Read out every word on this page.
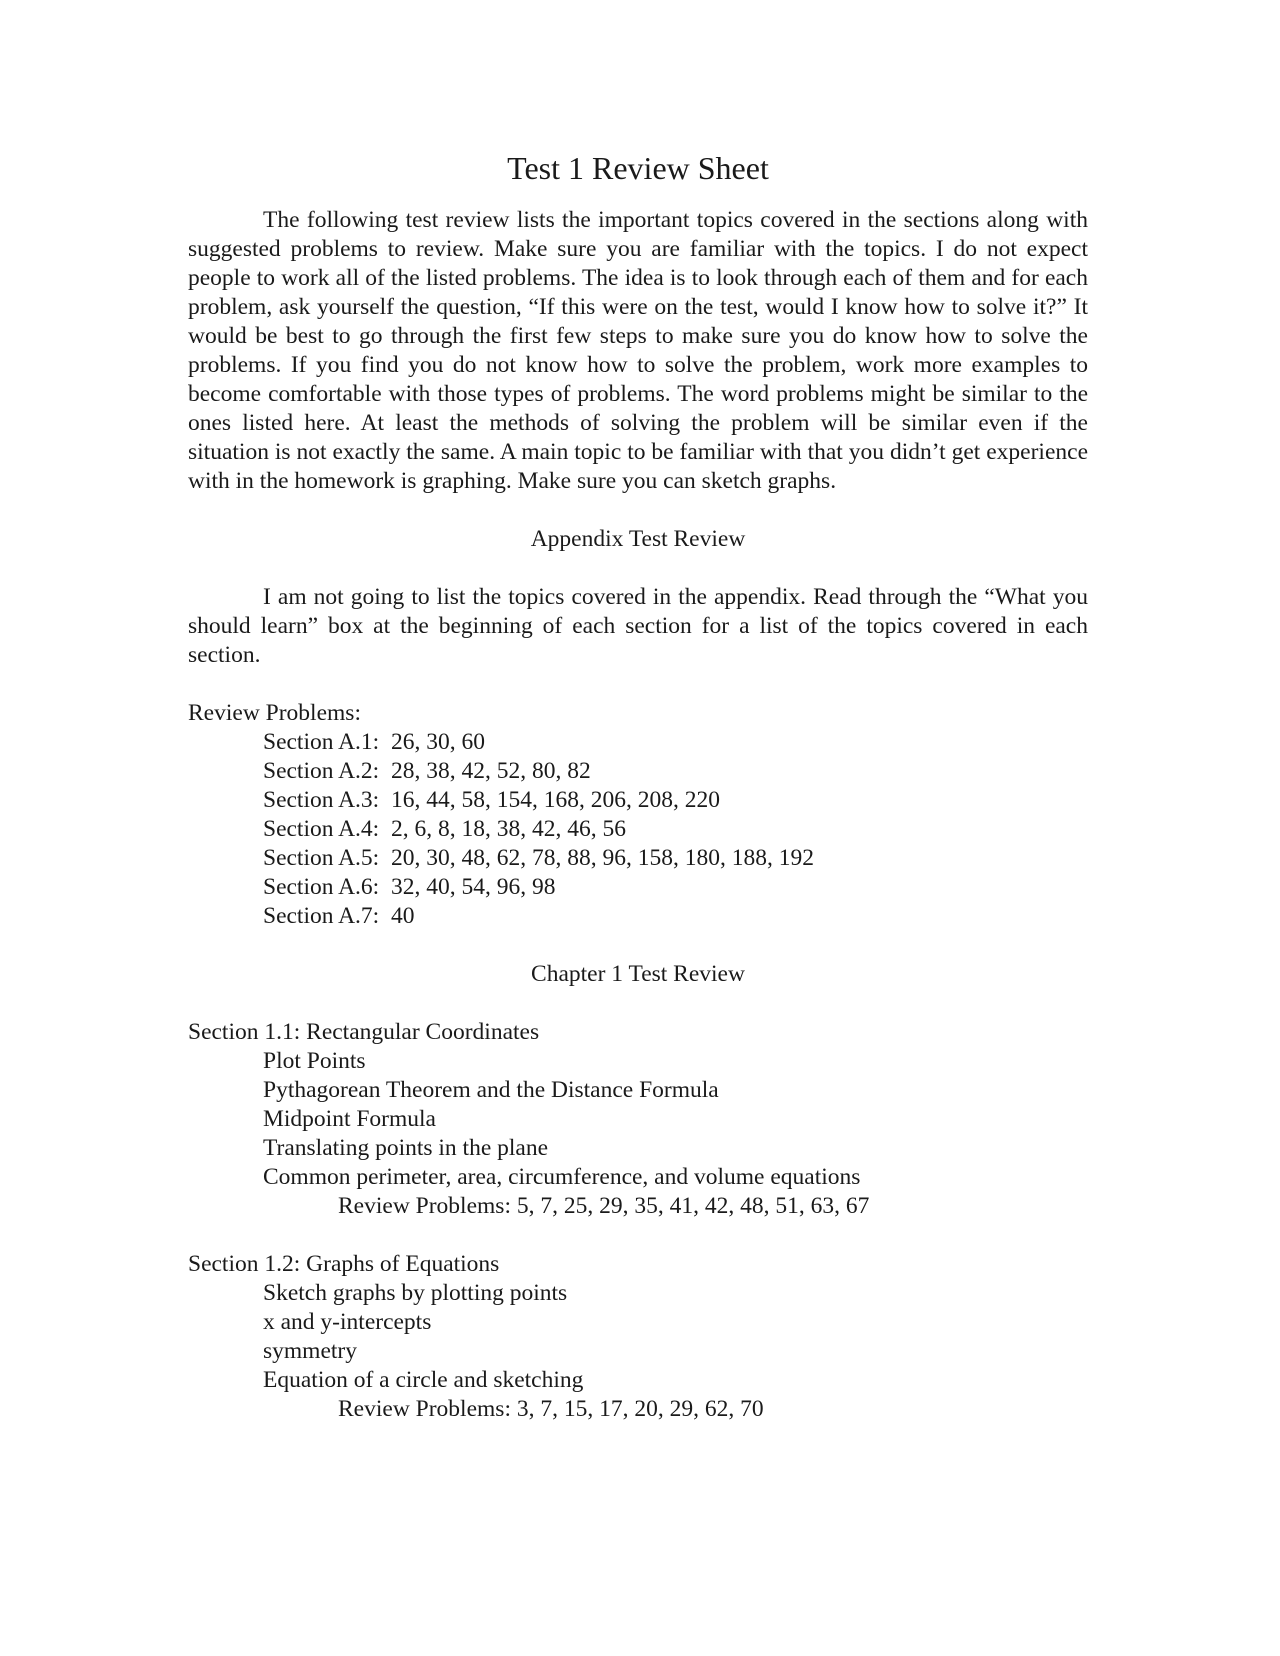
Test 1 Review Sheet

The following test review lists the important topics covered in the sections along with suggested problems to review. Make sure you are familiar with the topics. I do not expect people to work all of the listed problems. The idea is to look through each of them and for each problem, ask yourself the question, “If this were on the test, would I know how to solve it?” It would be best to go through the first few steps to make sure you do know how to solve the problems. If you find you do not know how to solve the problem, work more examples to become comfortable with those types of problems. The word problems might be similar to the ones listed here. At least the methods of solving the problem will be similar even if the situation is not exactly the same. A main topic to be familiar with that you didn’t get experience with in the homework is graphing. Make sure you can sketch graphs.

Appendix Test Review

I am not going to list the topics covered in the appendix. Read through the “What you should learn” box at the beginning of each section for a list of the topics covered in each section.

Review Problems:
Section A.1: 26, 30, 60
Section A.2: 28, 38, 42, 52, 80, 82
Section A.3: 16, 44, 58, 154, 168, 206, 208, 220
Section A.4: 2, 6, 8, 18, 38, 42, 46, 56
Section A.5: 20, 30, 48, 62, 78, 88, 96, 158, 180, 188, 192
Section A.6: 32, 40, 54, 96, 98
Section A.7: 40
Chapter 1 Test Review
Section 1.1: Rectangular Coordinates
Plot Points
Pythagorean Theorem and the Distance Formula
Midpoint Formula
Translating points in the plane
Common perimeter, area, circumference, and volume equations
Review Problems: 5, 7, 25, 29, 35, 41, 42, 48, 51, 63, 67
Section 1.2: Graphs of Equations
Sketch graphs by plotting points
x and y-intercepts
symmetry
Equation of a circle and sketching
Review Problems: 3, 7, 15, 17, 20, 29, 62, 70
